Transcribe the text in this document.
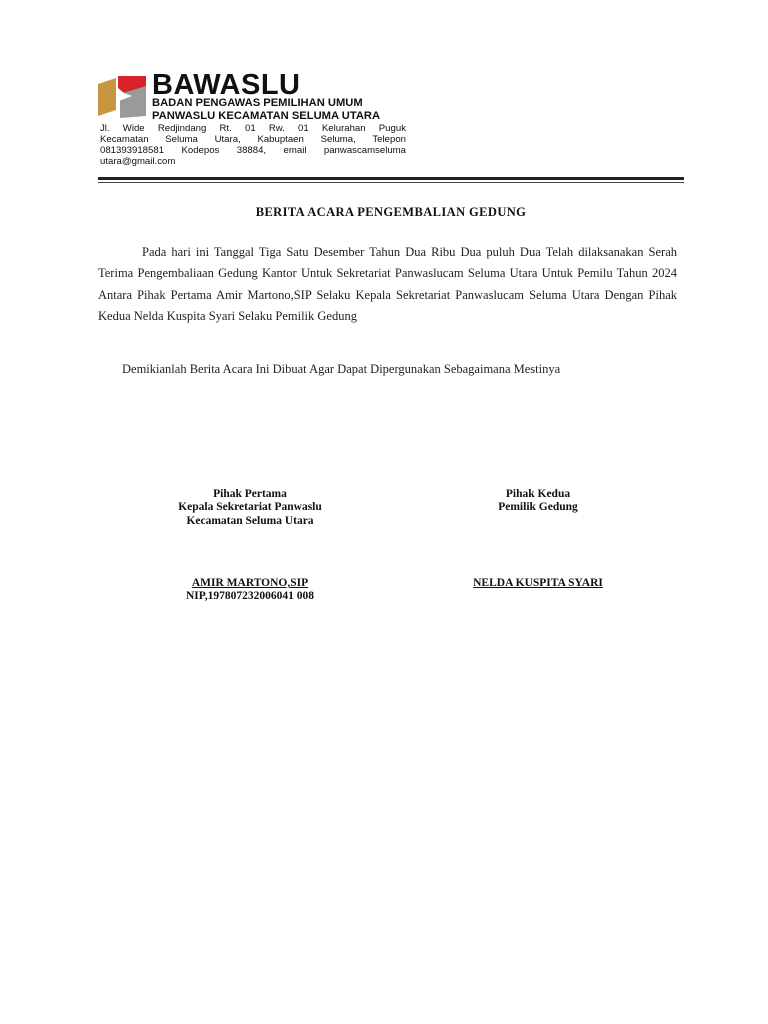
BAWASLU
BADAN PENGAWAS PEMILIHAN UMUM
PANWASLU KECAMATAN SELUMA UTARA
Jl. Wide Redjindang Rt. 01 Rw. 01 Kelurahan Puguk
Kecamatan Seluma Utara, Kabuptaen Seluma, Telepon
081393918581 Kodepos 38884, email panwascamseluma
utara@gmail.com
BERITA ACARA PENGEMBALIAN GEDUNG
Pada hari ini Tanggal Tiga Satu Desember Tahun Dua Ribu Dua puluh Dua Telah dilaksanakan Serah Terima Pengembaliaan Gedung Kantor Untuk Sekretariat Panwaslucam Seluma Utara Untuk Pemilu Tahun 2024 Antara Pihak Pertama Amir Martono,SIP Selaku Kepala Sekretariat Panwaslucam Seluma Utara Dengan Pihak Kedua Nelda Kuspita Syari Selaku Pemilik Gedung
Demikianlah Berita Acara Ini Dibuat Agar Dapat Dipergunakan Sebagaimana Mestinya
Pihak Pertama
Kepala Sekretariat Panwaslu
Kecamatan Seluma Utara
Pihak Kedua
Pemilik Gedung
AMIR MARTONO,SIP
NIP,197807232006041 008
NELDA KUSPITA SYARI
